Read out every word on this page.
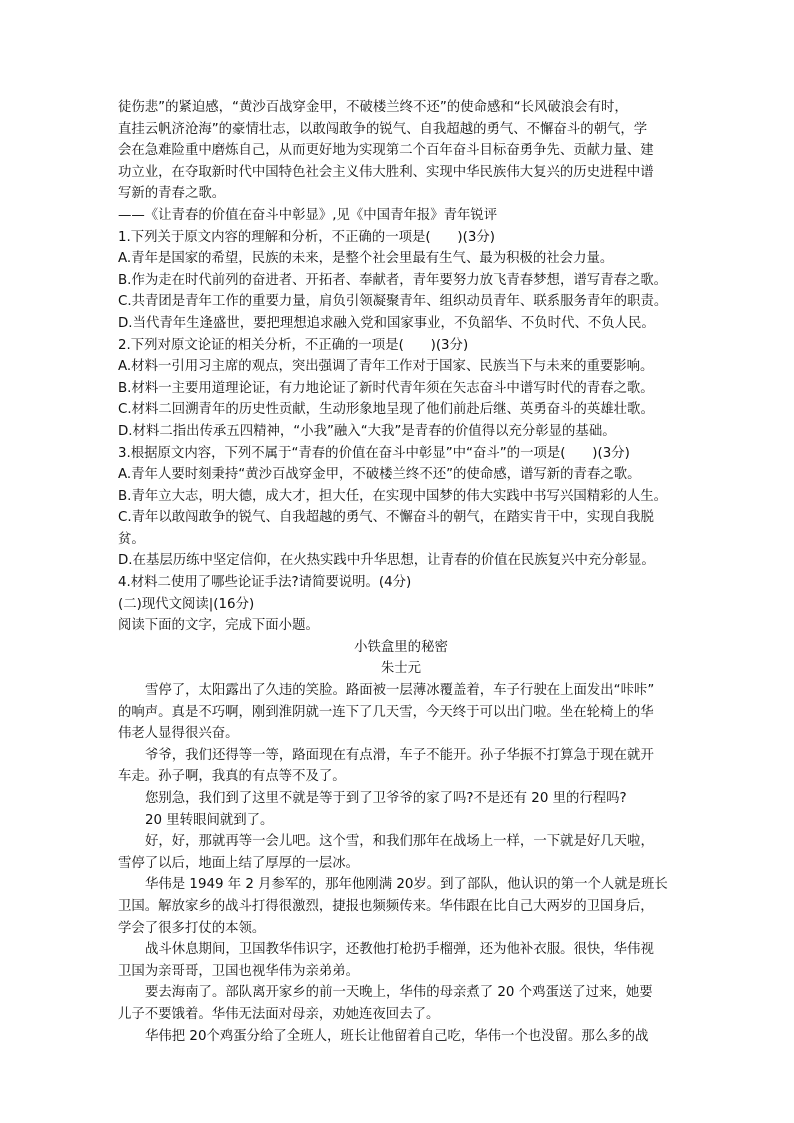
徒伤悲”的紧迫感，“黄沙百战穿金甲，不破楼兰终不还”的使命感和“长风破浪会有时，
直挂云帆济沧海”的豪情壮志，以敢闯敢争的锐气、自我超越的勇气、不懈奋斗的朝气，学
会在急难险重中磨炼自己，从而更好地为实现第二个百年奋斗目标奋勇争先、贡献力量、建
功立业，在夺取新时代中国特色社会主义伟大胜利、实现中华民族伟大复兴的历史进程中谱
写新的青春之歌。
——《让青春的价值在奋斗中彰显》,见《中国青年报》青年锐评
1.下列关于原文内容的理解和分析，不正确的一项是(　　)(3分)
A.青年是国家的希望，民族的未来，是整个社会里最有生气、最为积极的社会力量。
B.作为走在时代前列的奋进者、开拓者、奉献者，青年要努力放飞青春梦想，谱写青春之歌。
C.共青团是青年工作的重要力量，肩负引领凝聚青年、组织动员青年、联系服务青年的职责。
D.当代青年生逢盛世，要把理想追求融入党和国家事业，不负韶华、不负时代、不负人民。
2.下列对原文论证的相关分析，不正确的一项是(　　)(3分)
A.材料一引用习主席的观点，突出强调了青年工作对于国家、民族当下与未来的重要影响。
B.材料一主要用道理论证，有力地论证了新时代青年须在矢志奋斗中谱写时代的青春之歌。
C.材料二回溯青年的历史性贡献，生动形象地呈现了他们前赴后继、英勇奋斗的英雄壮歌。
D.材料二指出传承五四精神，“小我”融入“大我”是青春的价值得以充分彰显的基础。
3.根据原文内容，下列不属于“青春的价值在奋斗中彰显”中“奋斗”的一项是(　　)(3分)
A.青年人要时刻秉持“黄沙百战穿金甲，不破楼兰终不还”的使命感，谱写新的青春之歌。
B.青年立大志，明大德，成大才，担大任，在实现中国梦的伟大实践中书写兴国精彩的人生。
C.青年以敢闯敢争的锐气、自我超越的勇气、不懈奋斗的朝气，在踏实肯干中，实现自我脱
贫。
D.在基层历练中坚定信仰，在火热实践中升华思想，让青春的价值在民族复兴中充分彰显。
4.材料二使用了哪些论证手法?请简要说明。(4分)
(二)现代文阅读|(16分)
阅读下面的文字，完成下面小题。
小铁盒里的秘密
朱士元
雪停了，太阳露出了久违的笑脸。路面被一层薄冰覆盖着，车子行驶在上面发出“咔咔”
的响声。真是不巧啊，刚到淮阴就一连下了几天雪，今天终于可以出门啦。坐在轮椅上的华
伟老人显得很兴奋。
爷爷，我们还得等一等，路面现在有点滑，车子不能开。孙子华振不打算急于现在就开
车走。孙子啊，我真的有点等不及了。
您别急，我们到了这里不就是等于到了卫爷爷的家了吗?不是还有 20 里的行程吗?
20 里转眼间就到了。
好，好，那就再等一会儿吧。这个雪，和我们那年在战场上一样，一下就是好几天啦，
雪停了以后，地面上结了厚厚的一层冰。
华伟是 1949 年 2 月参军的，那年他刚满 20岁。到了部队，他认识的第一个人就是班长
卫国。解放家乡的战斗打得很激烈，捷报也频频传来。华伟跟在比自己大两岁的卫国身后，
学会了很多打仗的本领。
战斗休息期间，卫国教华伟识字，还教他打枪扔手榴弹，还为他补衣服。很快，华伟视
卫国为亲哥哥，卫国也视华伟为亲弟弟。
要去海南了。部队离开家乡的前一天晚上，华伟的母亲煮了 20 个鸡蛋送了过来，她要
儿子不要饿着。华伟无法面对母亲，劝她连夜回去了。
华伟把 20个鸡蛋分给了全班人，班长让他留着自己吃，华伟一个也没留。那么多的战
